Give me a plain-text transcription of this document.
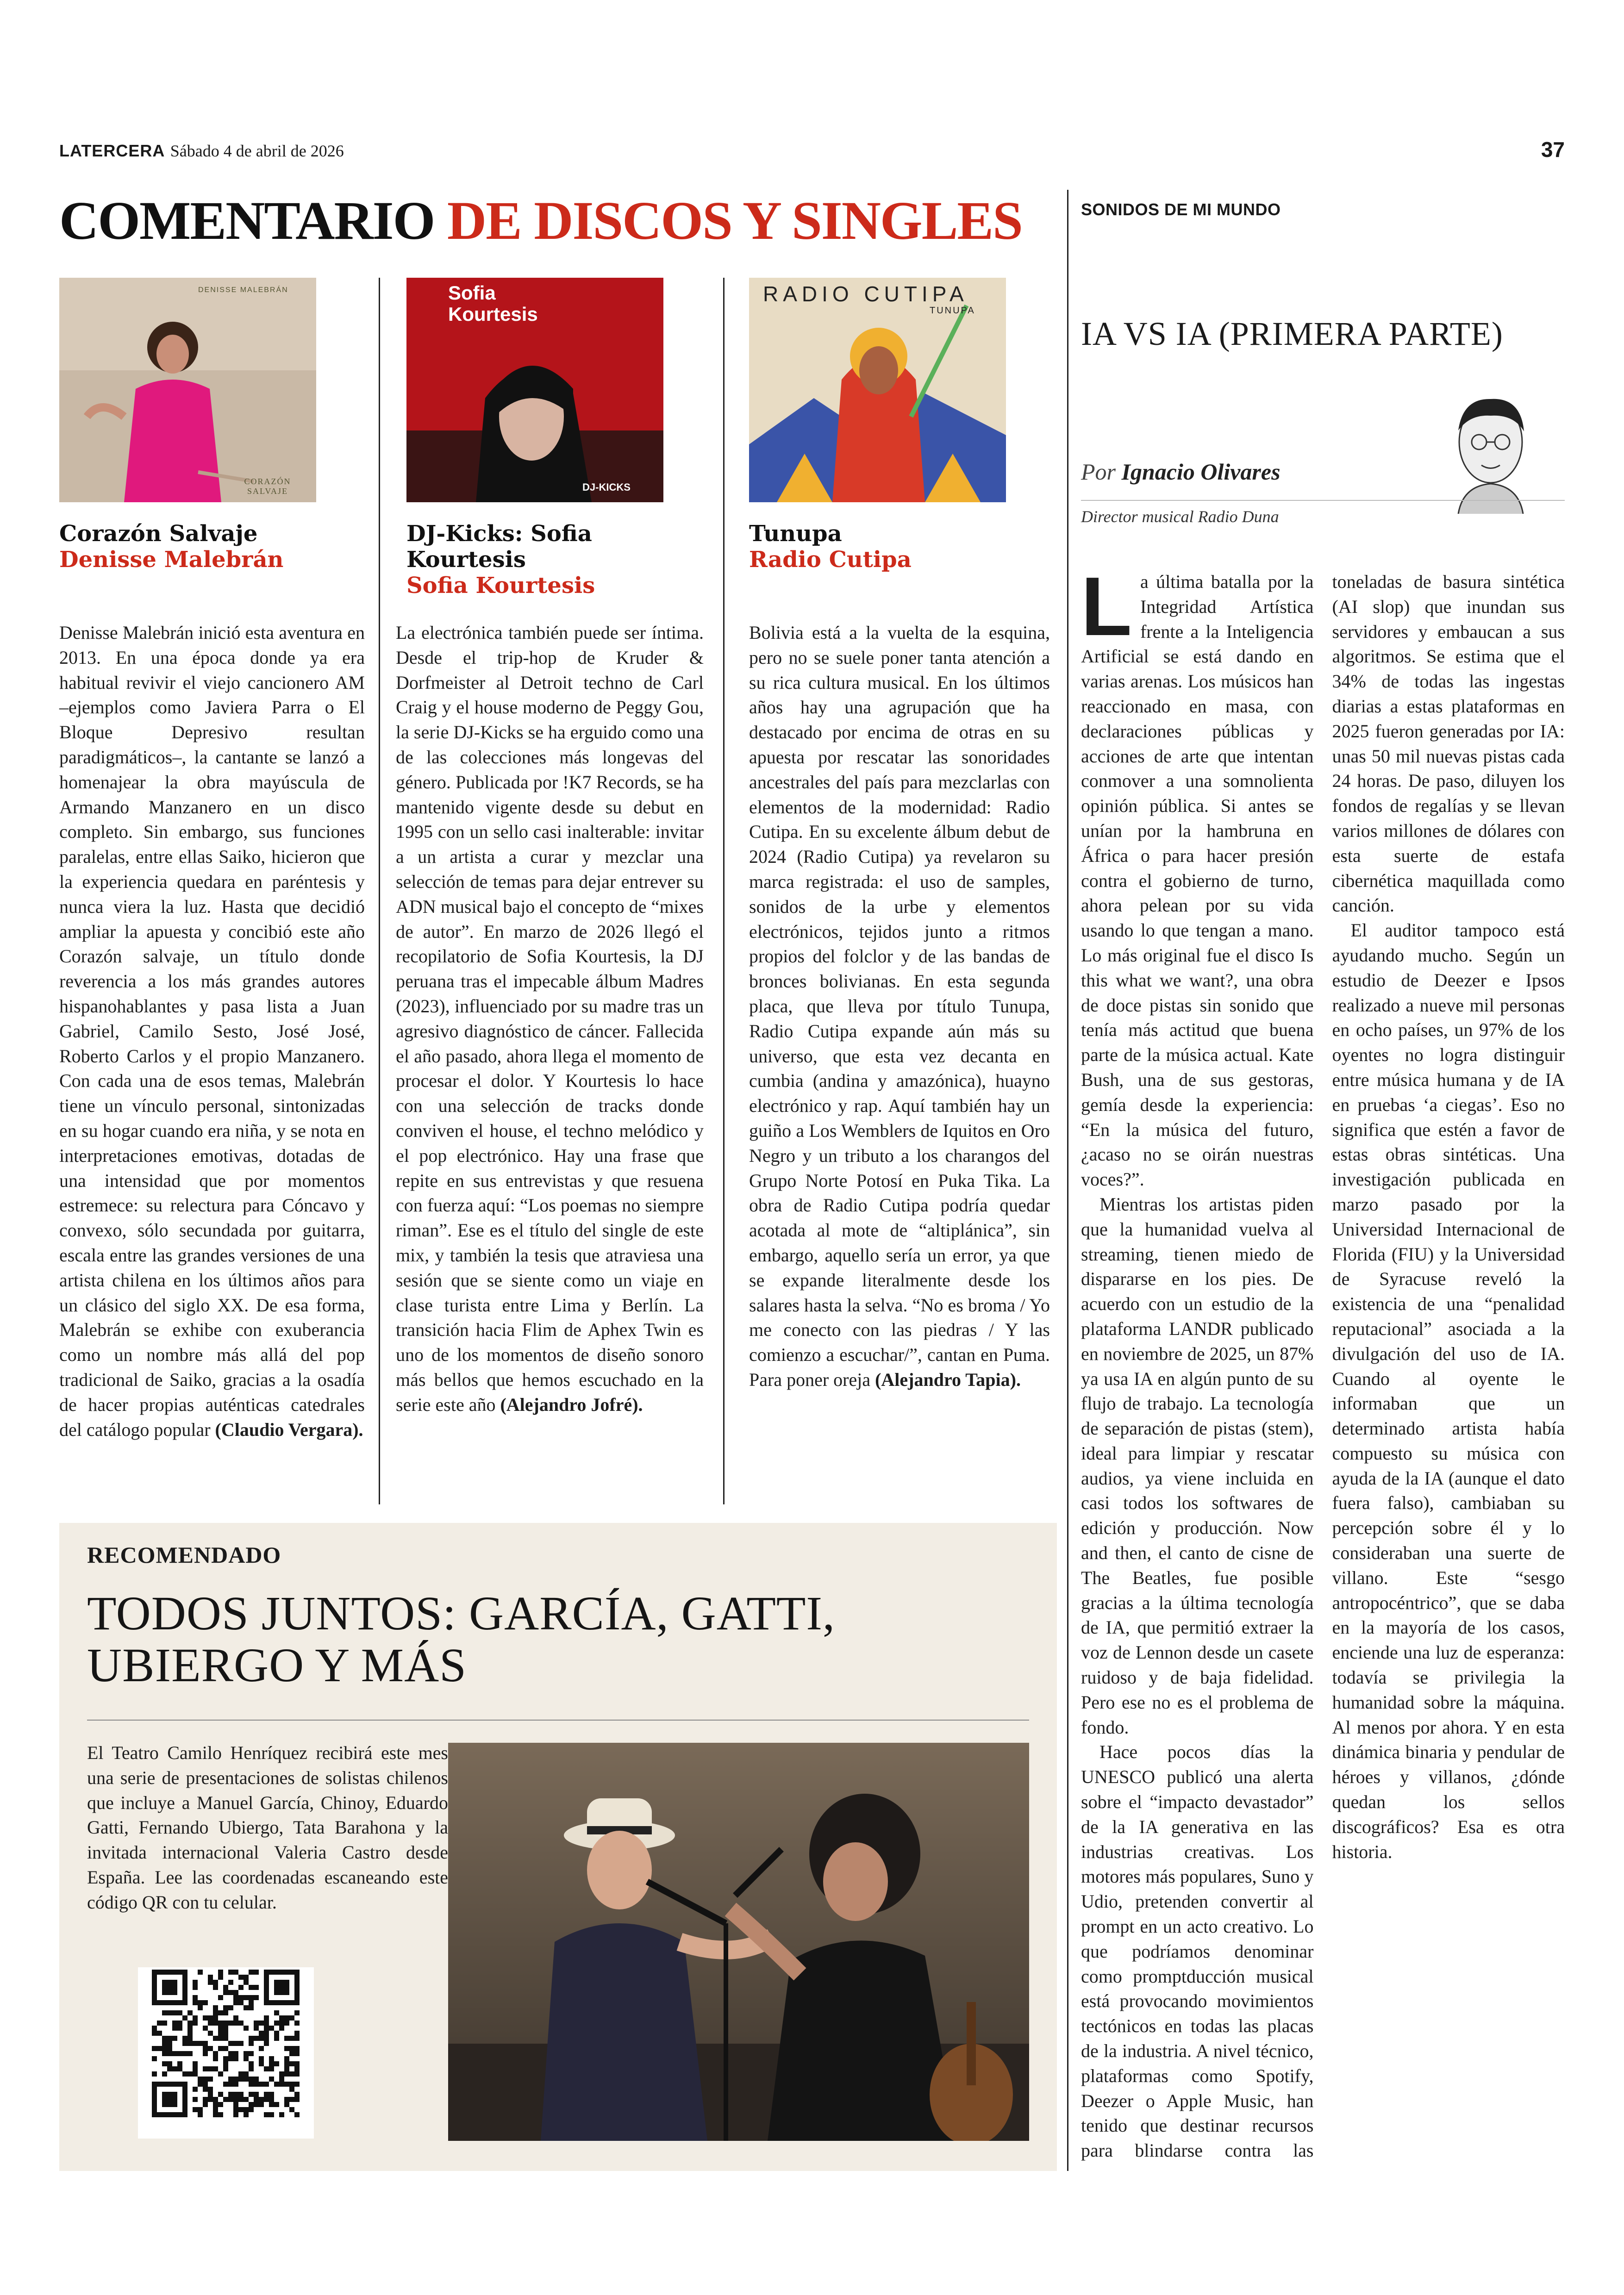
LATERCERA Sábado 4 de abril de 2026	37
COMENTARIO DE DISCOS Y SINGLES
DENISSE MALEBRÁN
CORAZÓN SALVAJE
Corazón Salvaje
Denisse Malebrán
Denisse Malebrán inició esta aventura en 2013. En una época donde ya era habitual revivir el viejo cancionero AM –ejemplos como Javiera Parra o El Bloque Depresivo resultan paradigmáticos–, la cantante se lanzó a homenajear la obra mayúscula de Armando Manzanero en un disco completo. Sin embargo, sus funciones paralelas, entre ellas Saiko, hicieron que la experiencia quedara en paréntesis y nunca viera la luz. Hasta que decidió ampliar la apuesta y concibió este año Corazón salvaje, un título donde reverencia a los más grandes autores hispanohablantes y pasa lista a Juan Gabriel, Camilo Sesto, José José, Roberto Carlos y el propio Manzanero. Con cada una de esos temas, Malebrán tiene un vínculo personal, sintonizadas en su hogar cuando era niña, y se nota en interpretaciones emotivas, dotadas de una intensidad que por momentos estremece: su relectura para Cóncavo y convexo, sólo secundada por guitarra, escala entre las grandes versiones de una artista chilena en los últimos años para un clásico del siglo XX. De esa forma, Malebrán se exhibe con exuberancia como un nombre más allá del pop tradicional de Saiko, gracias a la osadía de hacer propias auténticas catedrales del catálogo popular (Claudio Vergara).
Sofia Kourtesis
DJ-KICKS
DJ-Kicks: Sofia Kourtesis
Sofia Kourtesis
La electrónica también puede ser íntima. Desde el trip-hop de Kruder & Dorfmeister al Detroit techno de Carl Craig y el house moderno de Peggy Gou, la serie DJ-Kicks se ha erguido como una de las colecciones más longevas del género. Publicada por !K7 Records, se ha mantenido vigente desde su debut en 1995 con un sello casi inalterable: invitar a un artista a curar y mezclar una selección de temas para dejar entrever su ADN musical bajo el concepto de “mixes de autor”. En marzo de 2026 llegó el recopilatorio de Sofia Kourtesis, la DJ peruana tras el impecable álbum Madres (2023), influenciado por su madre tras un agresivo diagnóstico de cáncer. Fallecida el año pasado, ahora llega el momento de procesar el dolor. Y Kourtesis lo hace con una selección de tracks donde conviven el house, el techno melódico y el pop electrónico. Hay una frase que repite en sus entrevistas y que resuena con fuerza aquí: “Los poemas no siempre riman”. Ese es el título del single de este mix, y también la tesis que atraviesa una sesión que se siente como un viaje en clase turista entre Lima y Berlín. La transición hacia Flim de Aphex Twin es uno de los momentos de diseño sonoro más bellos que hemos escuchado en la serie este año (Alejandro Jofré).
RADIO CUTIPA
TUNUPA
Tunupa
Radio Cutipa
Bolivia está a la vuelta de la esquina, pero no se suele poner tanta atención a su rica cultura musical. En los últimos años hay una agrupación que ha destacado por encima de otras en su apuesta por rescatar las sonoridades ancestrales del país para mezclarlas con elementos de la modernidad: Radio Cutipa. En su excelente álbum debut de 2024 (Radio Cutipa) ya revelaron su marca registrada: el uso de samples, sonidos de la urbe y elementos electrónicos, tejidos junto a ritmos propios del folclor y de las bandas de bronces bolivianas. En esta segunda placa, que lleva por título Tunupa, Radio Cutipa expande aún más su universo, que esta vez decanta en cumbia (andina y amazónica), huayno electrónico y rap. Aquí también hay un guiño a Los Wemblers de Iquitos en Oro Negro y un tributo a los charangos del Grupo Norte Potosí en Puka Tika. La obra de Radio Cutipa podría quedar acotada al mote de “altiplánica”, sin embargo, aquello sería un error, ya que se expande literalmente desde los salares hasta la selva. “No es broma / Yo me conecto con las piedras / Y las comienzo a escuchar/”, cantan en Puma. Para poner oreja (Alejandro Tapia).
SONIDOS DE MI MUNDO
IA VS IA (PRIMERA PARTE)
Por Ignacio Olivares
Director musical Radio Duna

La última batalla por la Integridad Artística frente a la Inteligencia Artificial se está dando en varias arenas. Los músicos han reaccionado en masa, con declaraciones públicas y acciones de arte que intentan conmover a una somnolienta opinión pública. Si antes se unían por la hambruna en África o para hacer presión contra el gobierno de turno, ahora pelean por su vida usando lo que tengan a mano. Lo más original fue el disco Is this what we want?, una obra de doce pistas sin sonido que tenía más actitud que buena parte de la música actual. Kate Bush, una de sus gestoras, gemía desde la experiencia: “En la música del futuro, ¿acaso no se oirán nuestras voces?”.

Mientras los artistas piden que la humanidad vuelva al streaming, tienen miedo de dispararse en los pies. De acuerdo con un estudio de la plataforma LANDR publicado en noviembre de 2025, un 87% ya usa IA en algún punto de su flujo de trabajo. La tecnología de separación de pistas (stem), ideal para limpiar y rescatar audios, ya viene incluida en casi todos los softwares de edición y producción. Now and then, el canto de cisne de The Beatles, fue posible gracias a la última tecnología de IA, que permitió extraer la voz de Lennon desde un casete ruidoso y de baja fidelidad. Pero ese no es el problema de fondo.

Hace pocos días la UNESCO publicó una alerta sobre el “impacto devastador” de la IA generativa en las industrias creativas. Los motores más populares, Suno y Udio, pretenden convertir al prompt en un acto creativo. Lo que podríamos denominar como promptducción musical está provocando movimientos tectónicos en todas las placas de la industria. A nivel técnico, plataformas como Spotify, Deezer o Apple Music, han tenido que destinar recursos para blindarse contra las toneladas de basura sintética (AI slop) que inundan sus servidores y embaucan a sus algoritmos. Se estima que el 34% de todas las ingestas diarias a estas plataformas en 2025 fueron generadas por IA: unas 50 mil nuevas pistas cada 24 horas. De paso, diluyen los fondos de regalías y se llevan varios millones de dólares con esta suerte de estafa cibernética maquillada como canción.

El auditor tampoco está ayudando mucho. Según un estudio de Deezer e Ipsos realizado a nueve mil personas en ocho países, un 97% de los oyentes no logra distinguir entre música humana y de IA en pruebas ‘a ciegas’. Eso no significa que estén a favor de estas obras sintéticas. Una investigación publicada en marzo pasado por la Universidad Internacional de Florida (FIU) y la Universidad de Syracuse reveló la existencia de una “penalidad reputacional” asociada a la divulgación del uso de IA. Cuando al oyente le informaban que un determinado artista había compuesto su música con ayuda de la IA (aunque el dato fuera falso), cambiaban su percepción sobre él y lo consideraban una suerte de villano. Este “sesgo antropocéntrico”, que se daba en la mayoría de los casos, enciende una luz de esperanza: todavía se privilegia la humanidad sobre la máquina. Al menos por ahora. Y en esta dinámica binaria y pendular de héroes y villanos, ¿dónde quedan los sellos discográficos? Esa es otra historia.

RECOMENDADO
TODOS JUNTOS: GARCÍA, GATTI,
UBIERGO Y MÁS
El Teatro Camilo Henríquez recibirá este mes una serie de presentaciones de solistas chilenos que incluye a Manuel García, Chinoy, Eduardo Gatti, Fernando Ubiergo, Tata Barahona y la invitada internacional Valeria Castro desde España. Lee las coordenadas escaneando este código QR con tu celular.
